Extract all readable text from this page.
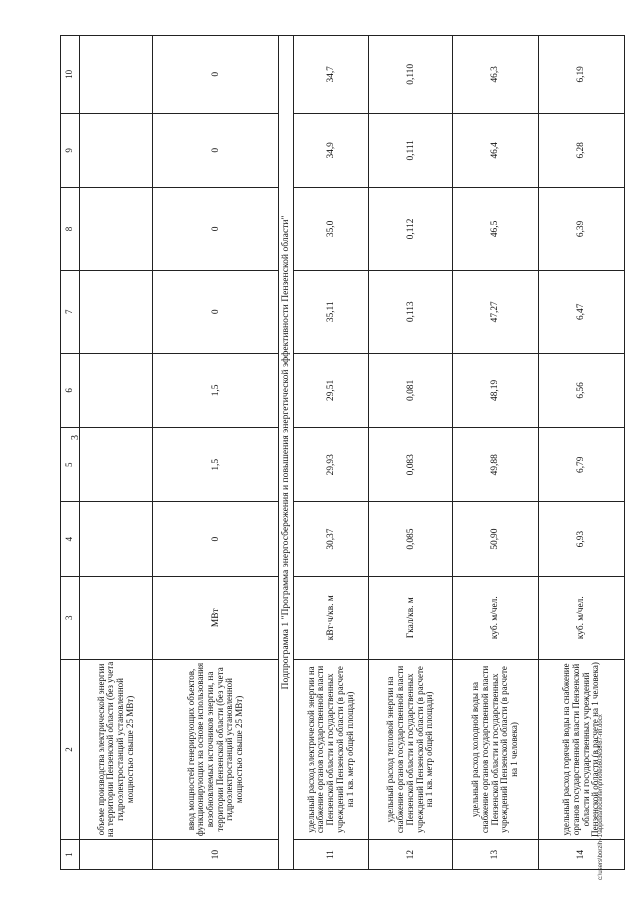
3
1	2	3	4	5	6	7	8	9	10
	объеме производства электрической энергии на территории Пензенской области (без учета гидроэлектростанций установленной мощностью свыше 25 МВт)								
10	ввод мощностей генерирующих объектов, функционирующих на основе использования возобновляемых источников энергии, на территории Пензенской области (без учета гидроэлектростанций установленной мощностью свыше 25 МВт)	МВт	0	1,5	1,5	0	0	0	0
Подпрограмма 1 "Программа энергосбережения и повышения энергетической эффективности Пензенской области"									
11	удельный расход электрической энергии на снабжение органов государственной власти Пензенской области и государственных учреждений Пензенской области (в расчете на 1 кв. метр общей площади)	кВт·ч/кв. м	30,37	29,93	29,51	35,11	35,0	34,9	34,7
12	удельный расход тепловой энергии на снабжение органов государственной власти Пензенской области и государственных учреждений Пензенской области (в расчете на 1 кв. метр общей площади)	Гкал/кв. м	0,085	0,083	0,081	0,113	0,112	0,111	0,110
13	удельный расход холодной воды на снабжение органов государственной власти Пензенской области и государственных учреждений Пензенской области (в расчете на 1 человека)	куб. м/чел.	50,90	49,88	48,19	47,27	46,5	46,4	46,3
14	удельный расход горячей воды на снабжение органов государственной власти Пензенской области и государственных учреждений Пензенской области (в расчете на 1 человека)	куб. м/чел.	6,93	6,79	6,56	6,47	6,39	6,28	6,19
c:\users\borzih~1\appdata\local\temp\notes603e38\87-пп.docx
